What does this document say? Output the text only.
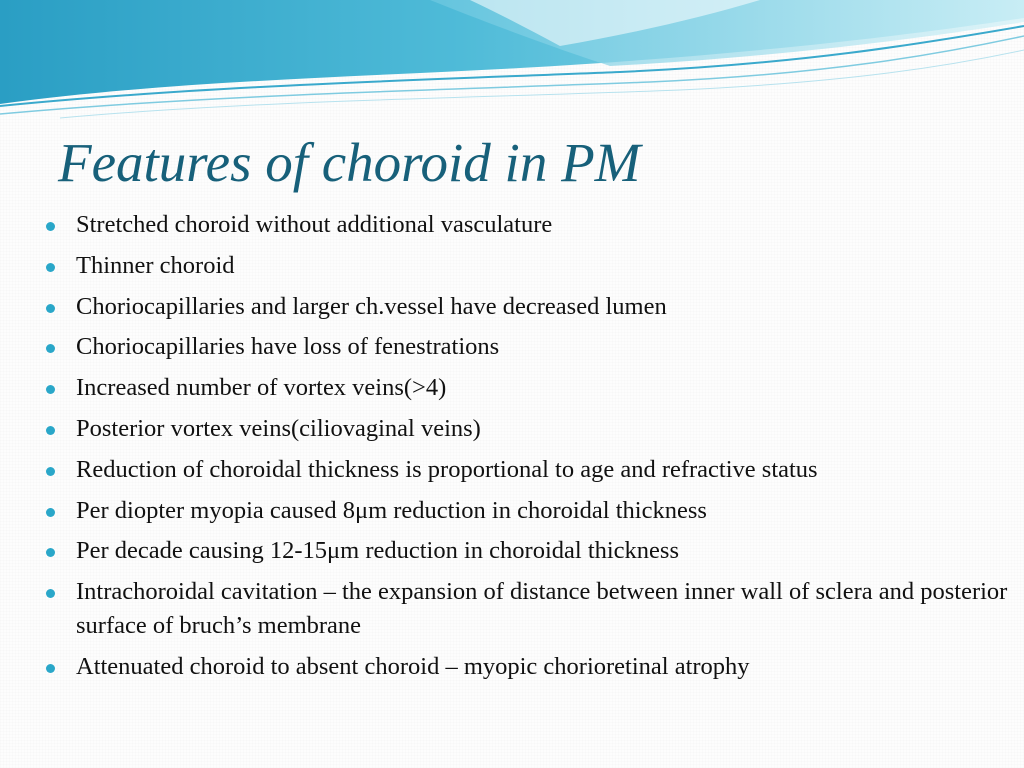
Features of choroid in PM
Stretched choroid without additional vasculature
Thinner choroid
Choriocapillaries and larger ch.vessel have decreased lumen
Choriocapillaries have loss of fenestrations
Increased number of vortex veins(>4)
Posterior vortex veins(ciliovaginal veins)
Reduction of choroidal thickness is proportional to age and refractive status
Per diopter myopia caused 8μm reduction in choroidal thickness
Per decade causing 12-15μm reduction in choroidal thickness
Intrachoroidal cavitation – the expansion of distance between inner wall of sclera and posterior surface of bruch’s membrane
Attenuated choroid to absent choroid – myopic chorioretinal atrophy
